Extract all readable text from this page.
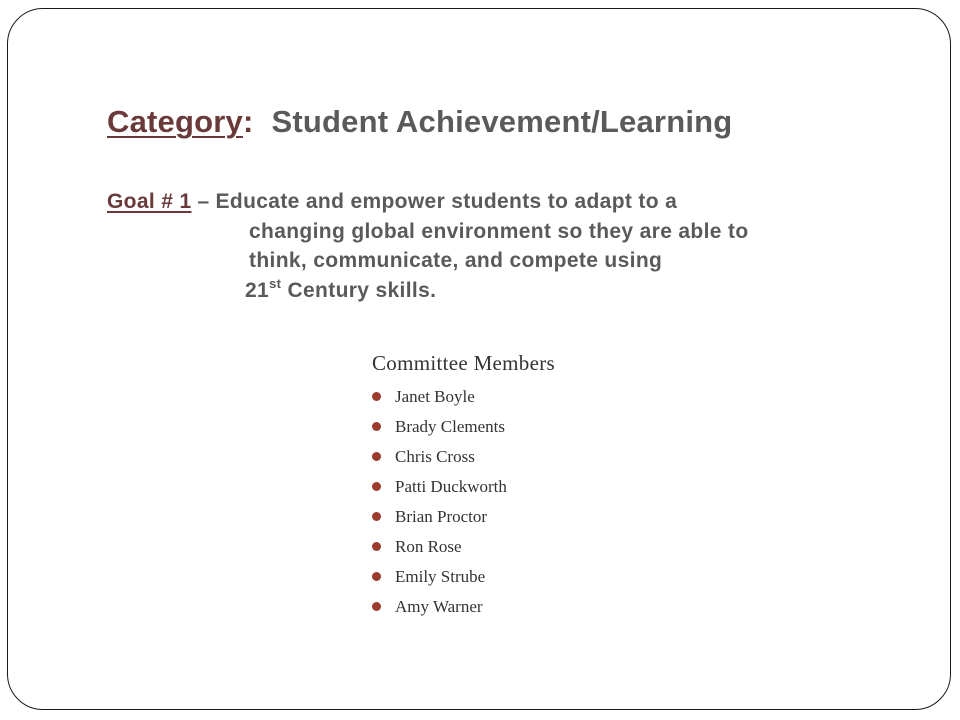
Category: Student Achievement/Learning
Goal # 1 – Educate and empower students to adapt to a
changing global environment so they are able to
think, communicate, and compete using
21st Century skills.
Committee Members
Janet Boyle
Brady Clements
Chris Cross
Patti Duckworth
Brian Proctor
Ron Rose
Emily Strube
Amy Warner
